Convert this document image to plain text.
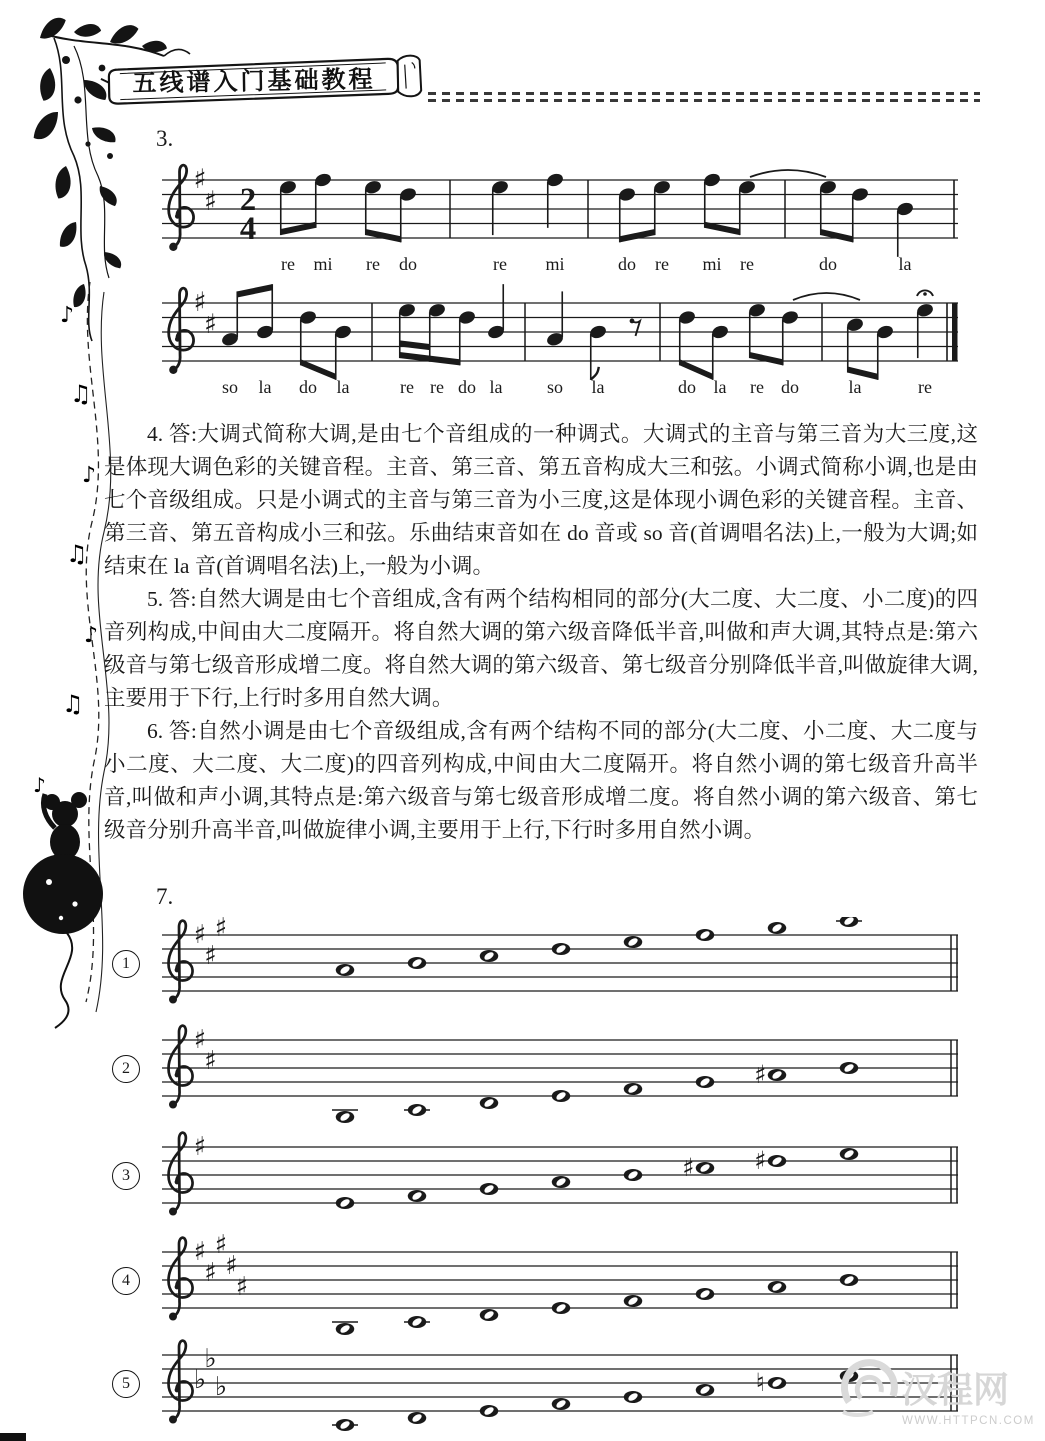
五线谱入门基础教程
♪
♫
♪
♫
♪
♫
♪
3.
♯
♯ 2
4
re mi re do	re mi	do re mi re	do	la
♯
♯
so la do la	re re do la so la	do la re do	la	re

4. 答:大调式简称大调,是由七个音组成的一种调式。大调式的主音与第三音为大三度,这是体现大调色彩的关键音程。主音、第三音、第五音构成大三和弦。小调式简称小调,也是由七个音级组成。只是小调式的主音与第三音为小三度,这是体现小调色彩的关键音程。主音、第三音、第五音构成小三和弦。乐曲结束音如在 do 音或 so 音(首调唱名法)上,一般为大调;如结束在 la 音(首调唱名法)上,一般为小调。

5. 答:自然大调是由七个音组成,含有两个结构相同的部分(大二度、大二度、小二度)的四音列构成,中间由大二度隔开。将自然大调的第六级音降低半音,叫做和声大调,其特点是:第六级音与第七级音形成增二度。将自然大调的第六级音、第七级音分别降低半音,叫做旋律大调,主要用于下行,上行时多用自然大调。

6. 答:自然小调是由七个音级组成,含有两个结构不同的部分(大二度、小二度、大二度与小二度、大二度、大二度)的四音列构成,中间由大二度隔开。将自然小调的第七级音升高半音,叫做和声小调,其特点是:第六级音与第七级音形成增二度。将自然小调的第六级音、第七级音分别升高半音,叫做旋律小调,主要用于上行,下行时多用自然小调。

7.
1
2
3
4
5
♯
♯
♯
♯
♯	♯
♯
♯ ♯
♯
♯
♯
♯
♯
♭
♭
♭	♮	汉程网
WWW.HTTPCN.COM
